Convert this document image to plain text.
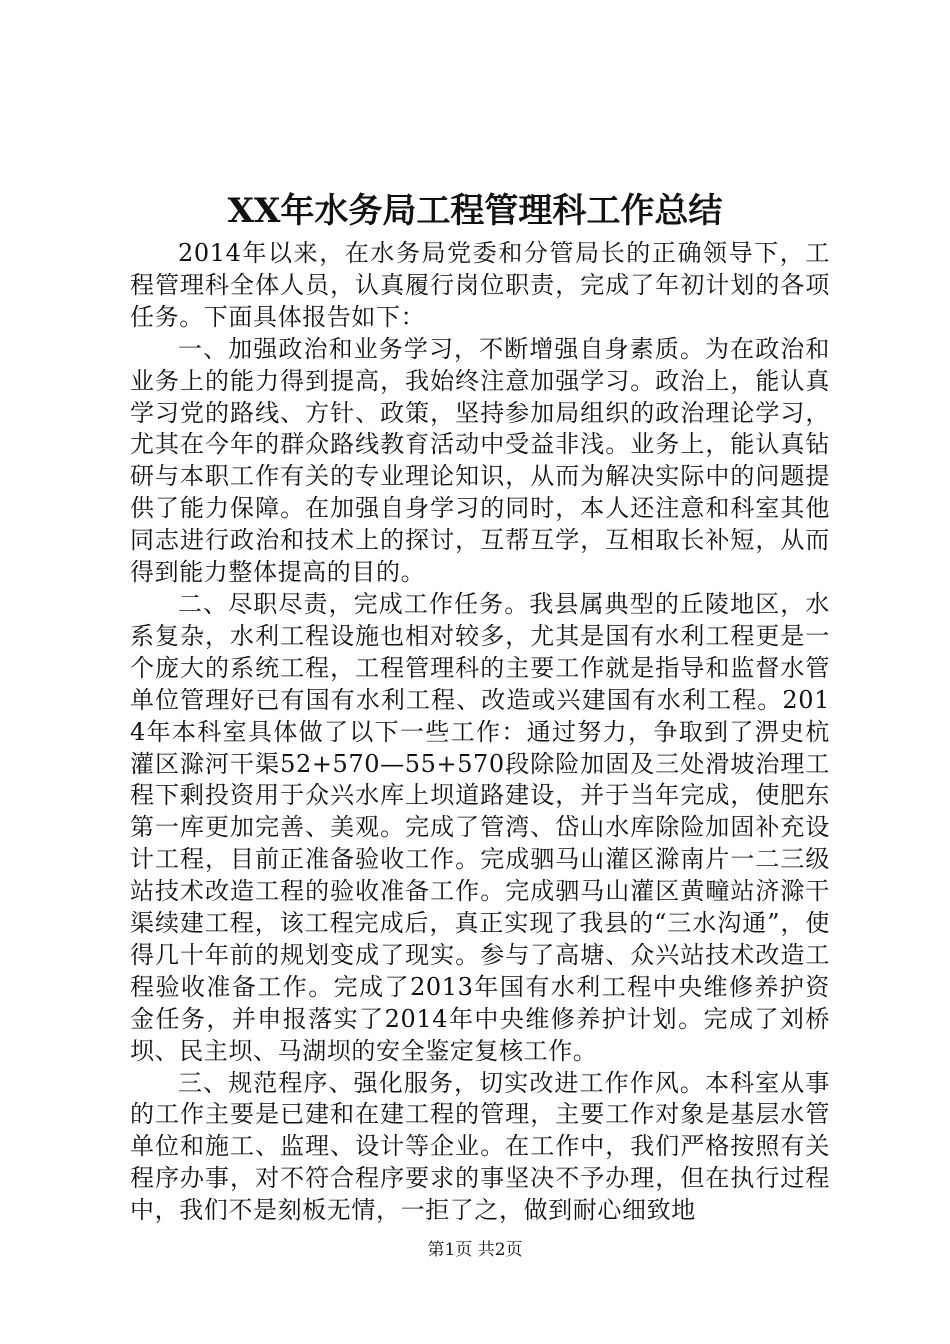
XX年水务局工程管理科工作总结

2014年以来，在水务局党委和分管局长的正确领导下，工程管理科全体人员，认真履行岗位职责，完成了年初计划的各项任务。下面具体报告如下：

一、加强政治和业务学习，不断增强自身素质。为在政治和业务上的能力得到提高，我始终注意加强学习。政治上，能认真学习党的路线、方针、政策，坚持参加局组织的政治理论学习，尤其在今年的群众路线教育活动中受益非浅。业务上，能认真钻研与本职工作有关的专业理论知识，从而为解决实际中的问题提供了能力保障。在加强自身学习的同时，本人还注意和科室其他同志进行政治和技术上的探讨，互帮互学，互相取长补短，从而得到能力整体提高的目的。

二、尽职尽责，完成工作任务。我县属典型的丘陵地区，水系复杂，水利工程设施也相对较多，尤其是国有水利工程更是一个庞大的系统工程，工程管理科的主要工作就是指导和监督水管单位管理好已有国有水利工程、改造或兴建国有水利工程。2014年本科室具体做了以下一些工作：通过努力，争取到了淠史杭灌区滁河干渠52+570—55+570段除险加固及三处滑坡治理工程下剩投资用于众兴水库上坝道路建设，并于当年完成，使肥东第一库更加完善、美观。完成了管湾、岱山水库除险加固补充设计工程，目前正准备验收工作。完成驷马山灌区滁南片一二三级站技术改造工程的验收准备工作。完成驷马山灌区黄疃站济滁干渠续建工程，该工程完成后，真正实现了我县的“三水沟通”，使得几十年前的规划变成了现实。参与了高塘、众兴站技术改造工程验收准备工作。完成了2013年国有水利工程中央维修养护资金任务，并申报落实了2014年中央维修养护计划。完成了刘桥坝、民主坝、马湖坝的安全鉴定复核工作。

三、规范程序、强化服务，切实改进工作作风。本科室从事的工作主要是已建和在建工程的管理，主要工作对象是基层水管单位和施工、监理、设计等企业。在工作中，我们严格按照有关程序办事，对不符合程序要求的事坚决不予办理，但在执行过程中，我们不是刻板无情，一拒了之，做到耐心细致地

第1页 共2页
